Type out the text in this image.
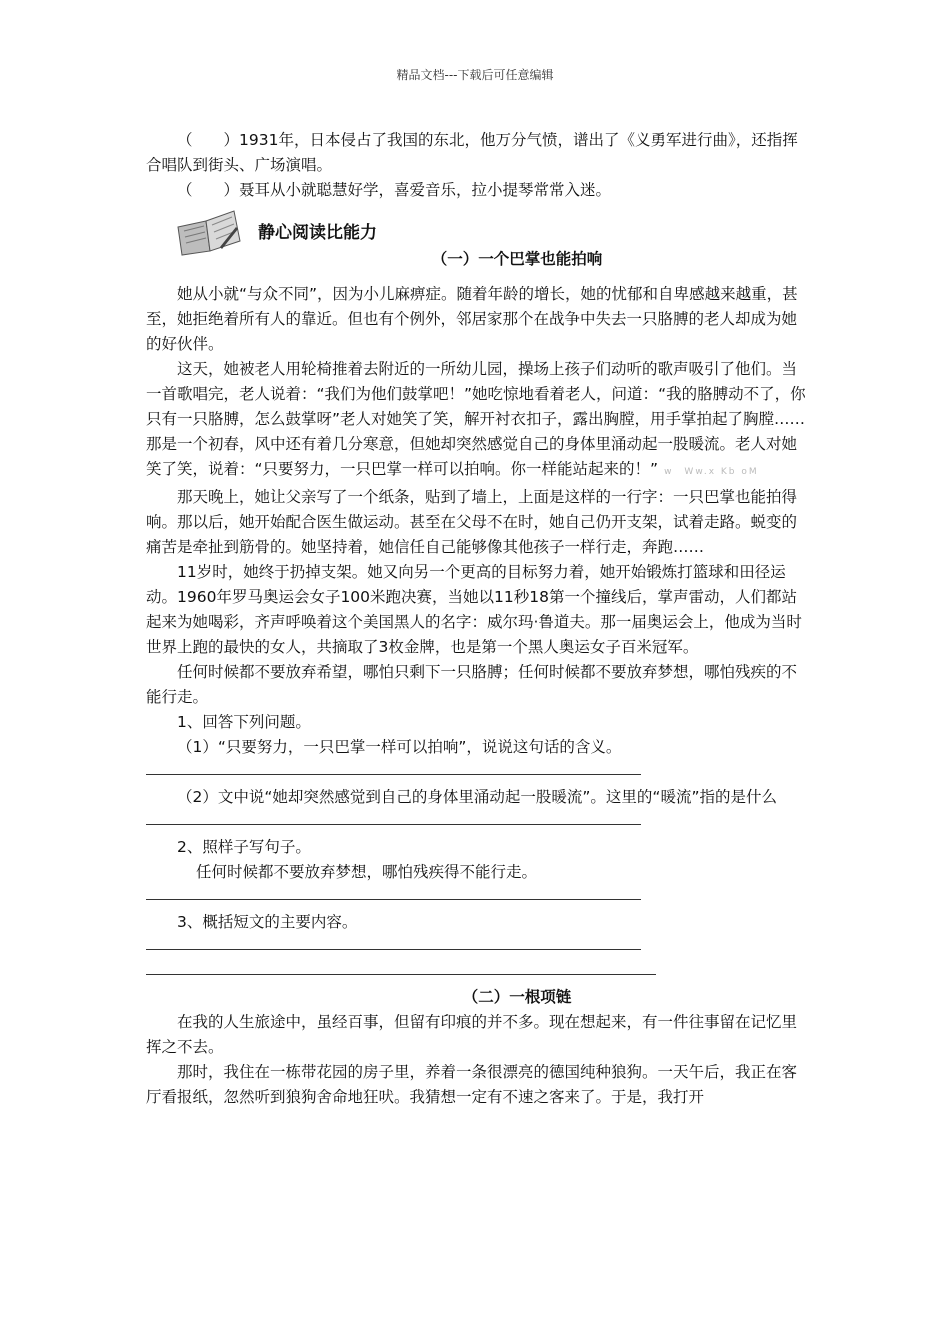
精品文档---下载后可任意编辑

（　　）1931年，日本侵占了我国的东北，他万分气愤，谱出了《义勇军进行曲》，还指挥合唱队到街头、广场演唱。

（　　）聂耳从小就聪慧好学，喜爱音乐，拉小提琴常常入迷。

静心阅读比能力

（一）一个巴掌也能拍响

她从小就“与众不同”，因为小儿麻痹症。随着年龄的增长，她的忧郁和自卑感越来越重，甚至，她拒绝着所有人的靠近。但也有个例外，邻居家那个在战争中失去一只胳膊的老人却成为她的好伙伴。

这天，她被老人用轮椅推着去附近的一所幼儿园，操场上孩子们动听的歌声吸引了他们。当一首歌唱完，老人说着：“我们为他们鼓掌吧！”她吃惊地看着老人，问道：“我的胳膊动不了，你只有一只胳膊，怎么鼓掌呀”老人对她笑了笑，解开衬衣扣子，露出胸膛，用手掌拍起了胸膛……那是一个初春，风中还有着几分寒意，但她却突然感觉自己的身体里涌动起一股暖流。老人对她笑了笑，说着：“只要努力，一只巴掌一样可以拍响。你一样能站起来的！” w　Ww.x Kb oM

那天晚上，她让父亲写了一个纸条，贴到了墙上，上面是这样的一行字：一只巴掌也能拍得响。那以后，她开始配合医生做运动。甚至在父母不在时，她自己仍开支架，试着走路。蜕变的痛苦是牵扯到筋骨的。她坚持着，她信任自己能够像其他孩子一样行走，奔跑……

11岁时，她终于扔掉支架。她又向另一个更高的目标努力着，她开始锻炼打篮球和田径运动。1960年罗马奥运会女子100米跑决赛，当她以11秒18第一个撞线后，掌声雷动，人们都站起来为她喝彩，齐声呼唤着这个美国黑人的名字：威尔玛·鲁道夫。那一届奥运会上，他成为当时世界上跑的最快的女人，共摘取了3枚金牌，也是第一个黑人奥运女子百米冠军。

任何时候都不要放弃希望，哪怕只剩下一只胳膊；任何时候都不要放弃梦想，哪怕残疾的不能行走。

1、回答下列问题。

（1）“只要努力，一只巴掌一样可以拍响”，说说这句话的含义。

（2）文中说“她却突然感觉到自己的身体里涌动起一股暖流”。这里的“暖流”指的是什么

2、照样子写句子。

任何时候都不要放弃梦想，哪怕残疾得不能行走。

3、概括短文的主要内容。

（二）一根项链

在我的人生旅途中，虽经百事，但留有印痕的并不多。现在想起来，有一件往事留在记忆里挥之不去。

那时，我住在一栋带花园的房子里，养着一条很漂亮的德国纯种狼狗。一天午后，我正在客厅看报纸，忽然听到狼狗舍命地狂吠。我猜想一定有不速之客来了。于是，我打开
